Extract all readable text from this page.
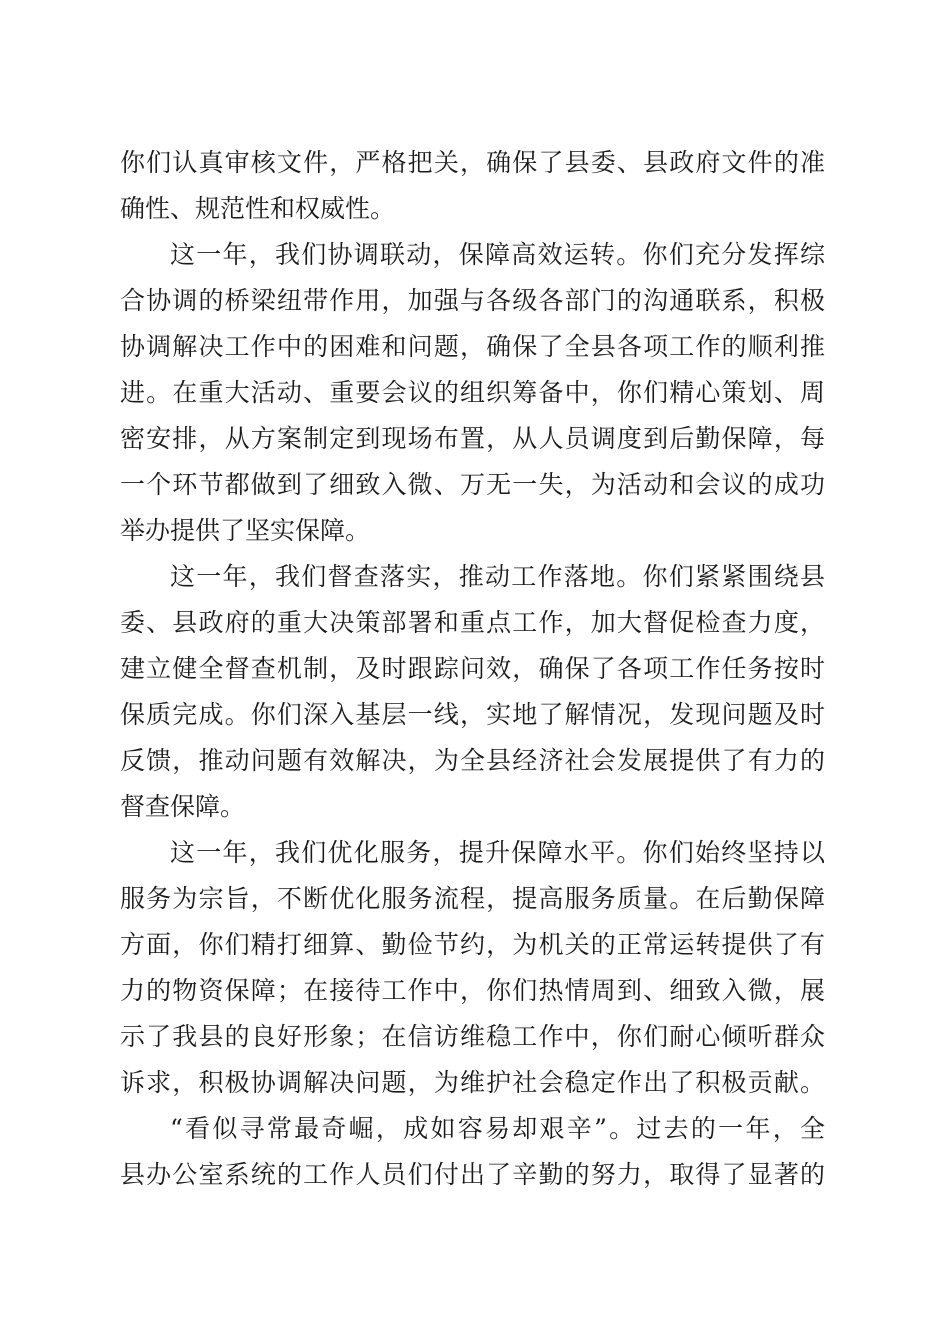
你们认真审核文件，严格把关，确保了县委、县政府文件的准
确性、规范性和权威性。
这一年，我们协调联动，保障高效运转。你们充分发挥综
合协调的桥梁纽带作用，加强与各级各部门的沟通联系，积极
协调解决工作中的困难和问题，确保了全县各项工作的顺利推
进。在重大活动、重要会议的组织筹备中，你们精心策划、周
密安排，从方案制定到现场布置，从人员调度到后勤保障，每
一个环节都做到了细致入微、万无一失，为活动和会议的成功
举办提供了坚实保障。
这一年，我们督查落实，推动工作落地。你们紧紧围绕县
委、县政府的重大决策部署和重点工作，加大督促检查力度，
建立健全督查机制，及时跟踪问效，确保了各项工作任务按时
保质完成。你们深入基层一线，实地了解情况，发现问题及时
反馈，推动问题有效解决，为全县经济社会发展提供了有力的
督查保障。
这一年，我们优化服务，提升保障水平。你们始终坚持以
服务为宗旨，不断优化服务流程，提高服务质量。在后勤保障
方面，你们精打细算、勤俭节约，为机关的正常运转提供了有
力的物资保障；在接待工作中，你们热情周到、细致入微，展
示了我县的良好形象；在信访维稳工作中，你们耐心倾听群众
诉求，积极协调解决问题，为维护社会稳定作出了积极贡献。
“看似寻常最奇崛，成如容易却艰辛”。过去的一年，全
县办公室系统的工作人员们付出了辛勤的努力，取得了显著的
